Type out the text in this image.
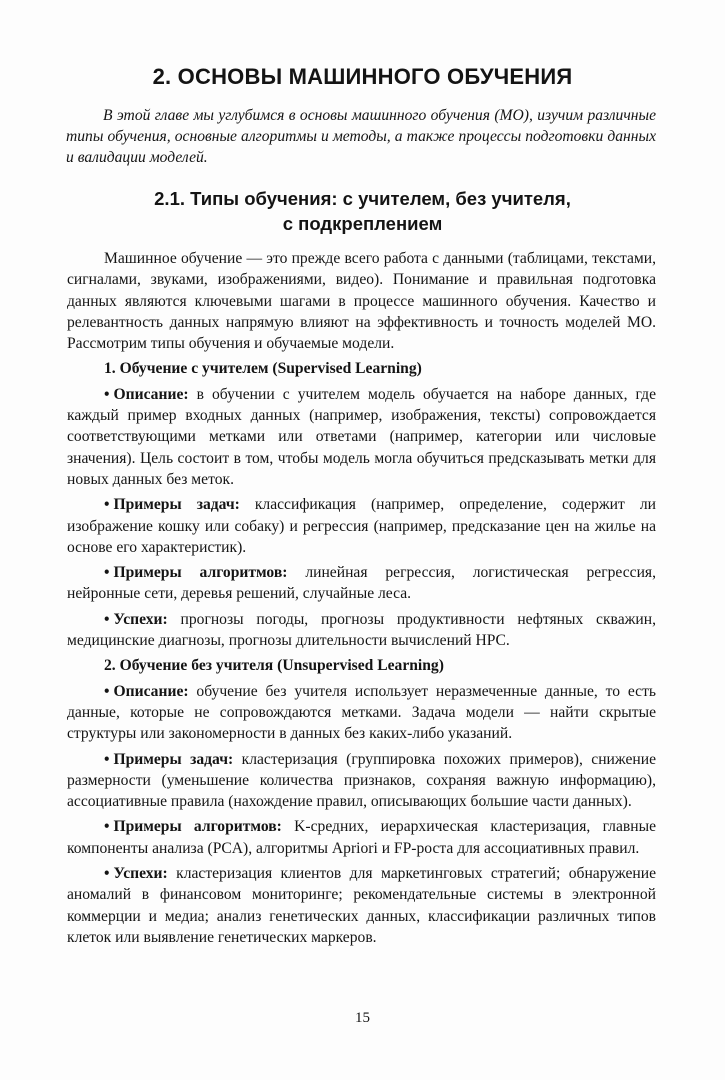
2. ОСНОВЫ МАШИННОГО ОБУЧЕНИЯ

В этой главе мы углубимся в основы машинного обучения (МО), изучим различные типы обучения, основные алгоритмы и методы, а также процессы подготовки данных и валидации моделей.

2.1. Типы обучения: с учителем, без учителя,
с подкреплением

Машинное обучение — это прежде всего работа с данными (таблицами, текстами, сигналами, звуками, изображениями, видео). Понимание и правильная подготовка данных являются ключевыми шагами в процессе машинного обучения. Качество и релевантность данных напрямую влияют на эффективность и точность моделей МО. Рассмотрим типы обучения и обучаемые модели.

1. Обучение с учителем (Supervised Learning)

• Описание: в обучении с учителем модель обучается на наборе данных, где каждый пример входных данных (например, изображения, тексты) сопровождается соответствующими метками или ответами (например, категории или числовые значения). Цель состоит в том, чтобы модель могла обучиться предсказывать метки для новых данных без меток.

• Примеры задач: классификация (например, определение, содержит ли изображение кошку или собаку) и регрессия (например, предсказание цен на жилье на основе его характеристик).

• Примеры алгоритмов: линейная регрессия, логистическая регрессия, нейронные сети, деревья решений, случайные леса.

• Успехи: прогнозы погоды, прогнозы продуктивности нефтяных скважин, медицинские диагнозы, прогнозы длительности вычислений HPC.

2. Обучение без учителя (Unsupervised Learning)

• Описание: обучение без учителя использует неразмеченные данные, то есть данные, которые не сопровождаются метками. Задача модели — найти скрытые структуры или закономерности в данных без каких-либо указаний.

• Примеры задач: кластеризация (группировка похожих примеров), снижение размерности (уменьшение количества признаков, сохраняя важную информацию), ассоциативные правила (нахождение правил, описывающих большие части данных).

• Примеры алгоритмов: K-средних, иерархическая кластеризация, главные компоненты анализа (PCA), алгоритмы Apriori и FP-роста для ассоциативных правил.

• Успехи: кластеризация клиентов для маркетинговых стратегий; обнаружение аномалий в финансовом мониторинге; рекомендательные системы в электронной коммерции и медиа; анализ генетических данных, классификации различных типов клеток или выявление генетических маркеров.

15
